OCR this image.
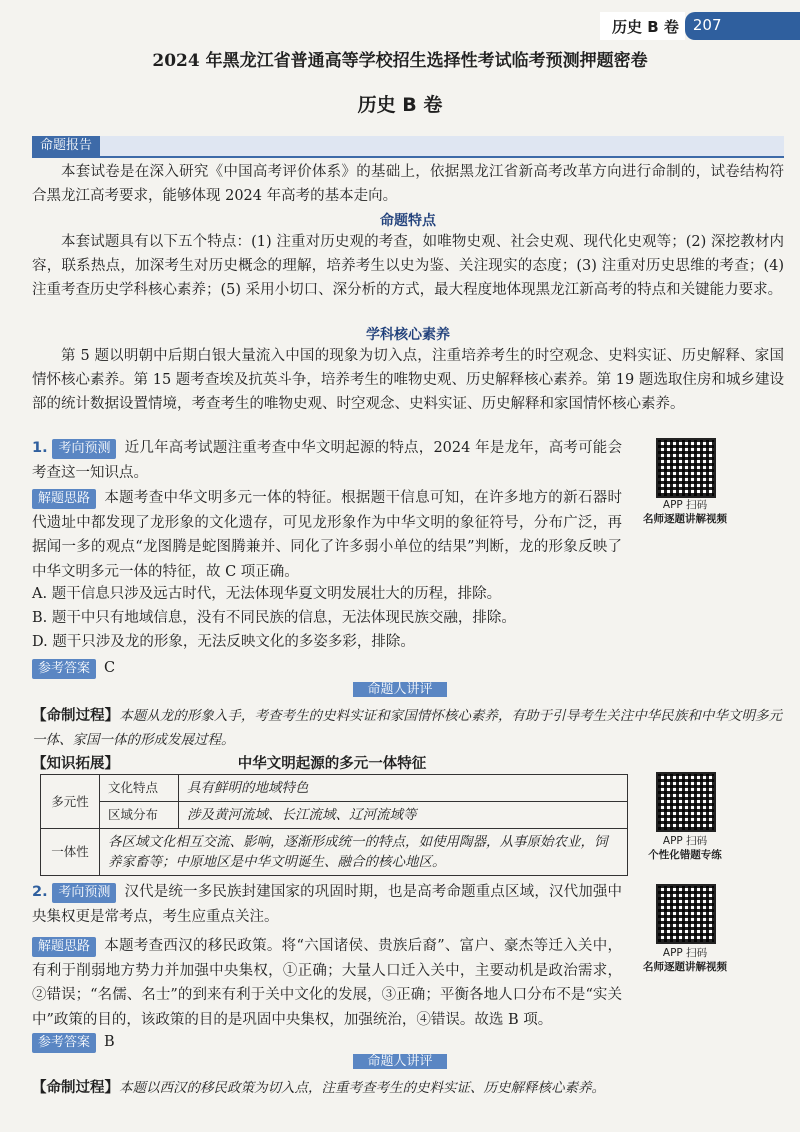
历史 B 卷 207
2024 年黑龙江省普通高等学校招生选择性考试临考预测押题密卷
历史 B 卷
命题报告
本套试卷是在深入研究《中国高考评价体系》的基础上，依据黑龙江省新高考改革方向进行命制的，试卷结构符合黑龙江高考要求，能够体现 2024 年高考的基本走向。
命题特点
本套试题具有以下五个特点：(1) 注重对历史观的考查，如唯物史观、社会史观、现代化史观等；(2) 深挖教材内容，联系热点，加深考生对历史概念的理解，培养考生以史为鉴、关注现实的态度；(3) 注重对历史思维的考查；(4) 注重考查历史学科核心素养；(5) 采用小切口、深分析的方式，最大程度地体现黑龙江新高考的特点和关键能力要求。
学科核心素养
第 5 题以明朝中后期白银大量流入中国的现象为切入点，注重培养考生的时空观念、史料实证、历史解释、家国情怀核心素养。第 15 题考查埃及抗英斗争，培养考生的唯物史观、历史解释核心素养。第 19 题选取住房和城乡建设部的统计数据设置情境，考查考生的唯物史观、时空观念、史料实证、历史解释和家国情怀核心素养。
1. 考向预测 近几年高考试题注重考查中华文明起源的特点，2024 年是龙年，高考可能会考查这一知识点。
解题思路 本题考查中华文明多元一体的特征。根据题干信息可知，在许多地方的新石器时代遗址中都发现了龙形象的文化遗存，可见龙形象作为中华文明的象征符号，分布广泛，再据闻一多的观点“龙图腾是蛇图腾兼并、同化了许多弱小单位的结果”判断，龙的形象反映了中华文明多元一体的特征，故 C 项正确。
A. 题干信息只涉及远古时代，无法体现华夏文明发展壮大的历程，排除。
B. 题干中只有地域信息，没有不同民族的信息，无法体现民族交融，排除。
D. 题干只涉及龙的形象，无法反映文化的多姿多彩，排除。
参考答案 C
APP 扫码
名师逐题讲解视频
命题人讲评
【命制过程】本题从龙的形象入手，考查考生的史料实证和家国情怀核心素养，有助于引导考生关注中华民族和中华文明多元一体、家国一体的形成发展过程。
【知识拓展】	中华文明起源的多元一体特征
多元性	文化特点	具有鲜明的地域特色
	区域分布	涉及黄河流域、长江流域、辽河流域等
一体性	各区域文化相互交流、影响，逐渐形成统一的特点，如使用陶器，从事原始农业，饲养家畜等；中原地区是中华文明诞生、融合的核心地区。	
APP 扫码
个性化错题专练
2. 考向预测 汉代是统一多民族封建国家的巩固时期，也是高考命题重点区域，汉代加强中央集权更是常考点，考生应重点关注。
解题思路 本题考查西汉的移民政策。将“六国诸侯、贵族后裔”、富户、豪杰等迁入关中，有利于削弱地方势力并加强中央集权，①正确；大量人口迁入关中，主要动机是政治需求，②错误；“名儒、名士”的到来有利于关中文化的发展，③正确；平衡各地人口分布不是“实关中”政策的目的，该政策的目的是巩固中央集权，加强统治，④错误。故选 B 项。
参考答案 B
APP 扫码
名师逐题讲解视频
命题人讲评
【命制过程】本题以西汉的移民政策为切入点，注重考查考生的史料实证、历史解释核心素养。
